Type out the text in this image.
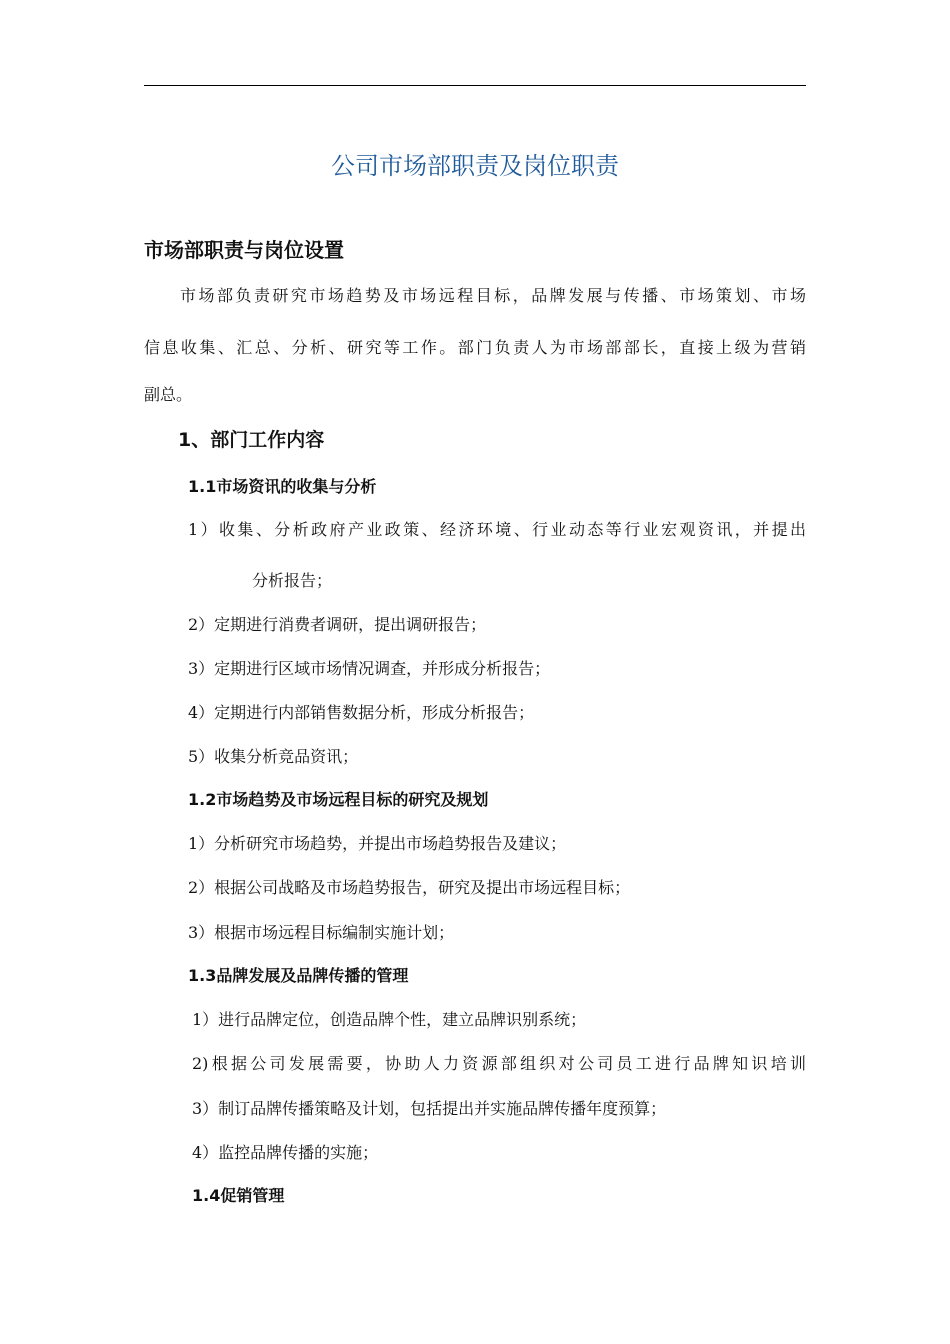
公司市场部职责及岗位职责
市场部职责与岗位设置
市场部负责研究市场趋势及市场远程目标，品牌发展与传播、市场策划、市场
信息收集、汇总、分析、研究等工作。部门负责人为市场部部长，直接上级为营销
副总。
1、部门工作内容
1.1市场资讯的收集与分析
1）收集、分析政府产业政策、经济环境、行业动态等行业宏观资讯，并提出
分析报告；
2）定期进行消费者调研，提出调研报告；
3）定期进行区域市场情况调查，并形成分析报告；
4）定期进行内部销售数据分析，形成分析报告；
5）收集分析竞品资讯；
1.2市场趋势及市场远程目标的研究及规划
1）分析研究市场趋势，并提出市场趋势报告及建议；
2）根据公司战略及市场趋势报告，研究及提出市场远程目标；
3）根据市场远程目标编制实施计划；
1.3品牌发展及品牌传播的管理
1）进行品牌定位，创造品牌个性，建立品牌识别系统；
2)根据公司发展需要，协助人力资源部组织对公司员工进行品牌知识培训
3）制订品牌传播策略及计划，包括提出并实施品牌传播年度预算；
4）监控品牌传播的实施；
1.4促销管理
